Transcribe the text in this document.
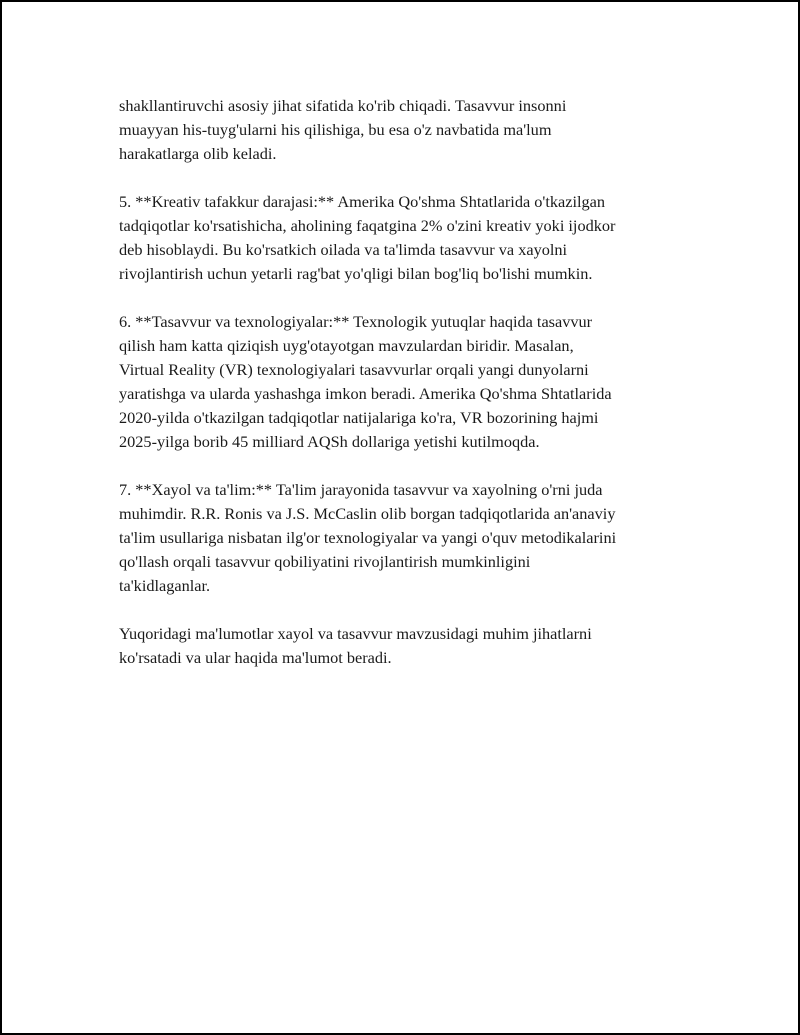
shakllantiruvchi asosiy jihat sifatida ko'rib chiqadi. Tasavvur insonni
muayyan his-tuyg'ularni his qilishiga, bu esa o'z navbatida ma'lum
harakatlarga olib keladi.

5. **Kreativ tafakkur darajasi:** Amerika Qo'shma Shtatlarida o'tkazilgan
tadqiqotlar ko'rsatishicha, aholining faqatgina 2% o'zini kreativ yoki ijodkor
deb hisoblaydi. Bu ko'rsatkich oilada va ta'limda tasavvur va xayolni
rivojlantirish uchun yetarli rag'bat yo'qligi bilan bog'liq bo'lishi mumkin.

6. **Tasavvur va texnologiyalar:** Texnologik yutuqlar haqida tasavvur
qilish ham katta qiziqish uyg'otayotgan mavzulardan biridir. Masalan,
Virtual Reality (VR) texnologiyalari tasavvurlar orqali yangi dunyolarni
yaratishga va ularda yashashga imkon beradi. Amerika Qo'shma Shtatlarida
2020-yilda o'tkazilgan tadqiqotlar natijalariga ko'ra, VR bozorining hajmi
2025-yilga borib 45 milliard AQSh dollariga yetishi kutilmoqda.

7. **Xayol va ta'lim:** Ta'lim jarayonida tasavvur va xayolning o'rni juda
muhimdir. R.R. Ronis va J.S. McCaslin olib borgan tadqiqotlarida an'anaviy
ta'lim usullariga nisbatan ilg'or texnologiyalar va yangi o'quv metodikalarini
qo'llash orqali tasavvur qobiliyatini rivojlantirish mumkinligini
ta'kidlaganlar.

Yuqoridagi ma'lumotlar xayol va tasavvur mavzusidagi muhim jihatlarni
ko'rsatadi va ular haqida ma'lumot beradi.
